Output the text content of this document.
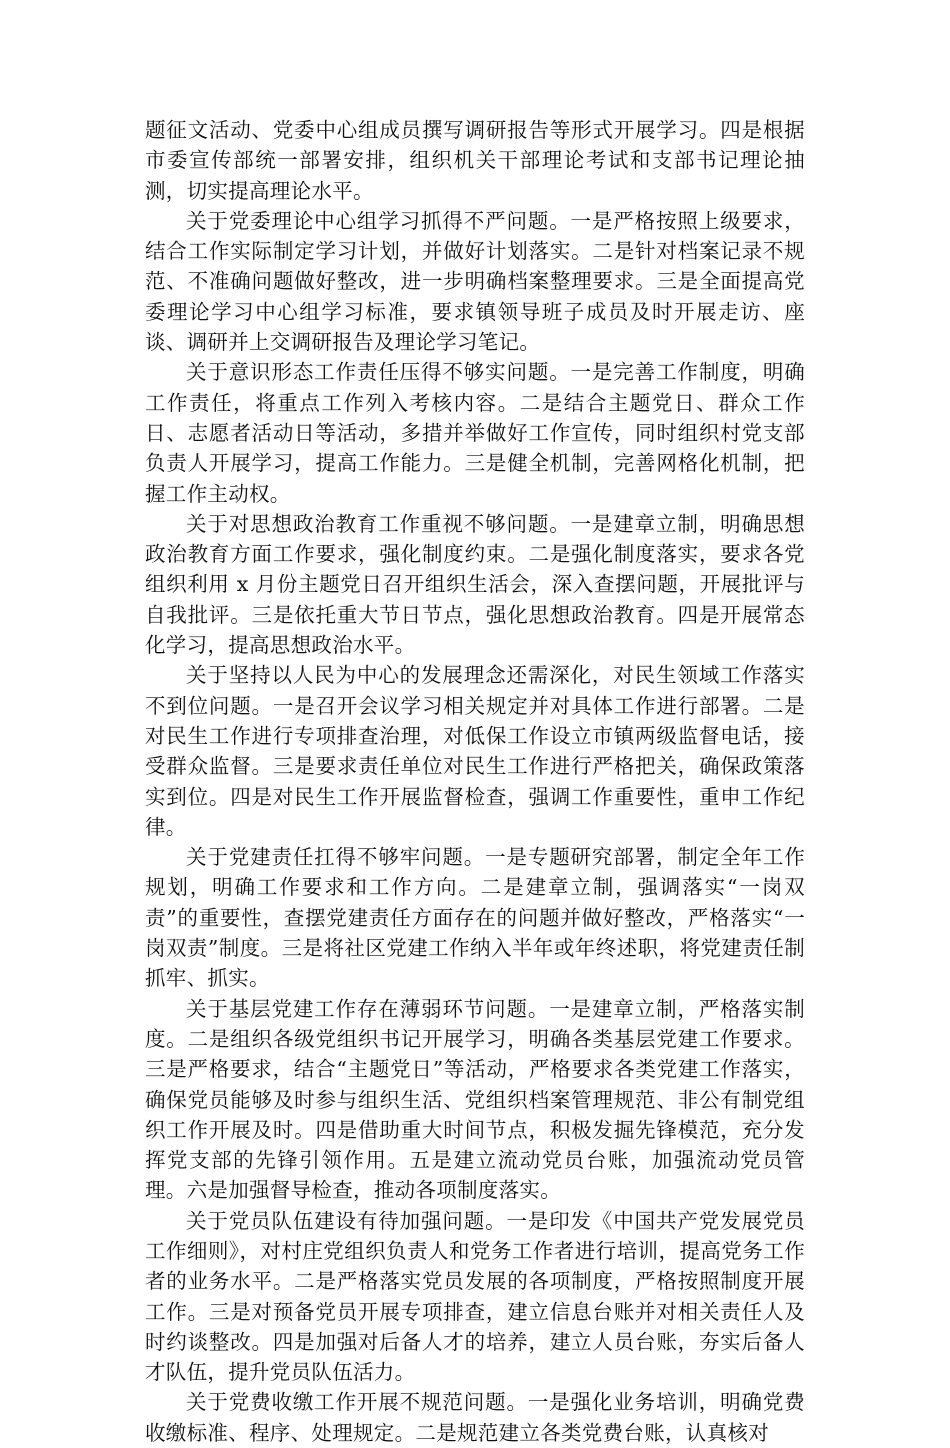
题征文活动、党委中心组成员撰写调研报告等形式开展学习。四是根据市委宣传部统一部署安排，组织机关干部理论考试和支部书记理论抽测，切实提高理论水平。

关于党委理论中心组学习抓得不严问题。一是严格按照上级要求，结合工作实际制定学习计划，并做好计划落实。二是针对档案记录不规范、不准确问题做好整改，进一步明确档案整理要求。三是全面提高党委理论学习中心组学习标准，要求镇领导班子成员及时开展走访、座谈、调研并上交调研报告及理论学习笔记。

关于意识形态工作责任压得不够实问题。一是完善工作制度，明确工作责任，将重点工作列入考核内容。二是结合主题党日、群众工作日、志愿者活动日等活动，多措并举做好工作宣传，同时组织村党支部负责人开展学习，提高工作能力。三是健全机制，完善网格化机制，把握工作主动权。

关于对思想政治教育工作重视不够问题。一是建章立制，明确思想政治教育方面工作要求，强化制度约束。二是强化制度落实，要求各党组织利用 x 月份主题党日召开组织生活会，深入查摆问题，开展批评与自我批评。三是依托重大节日节点，强化思想政治教育。四是开展常态化学习，提高思想政治水平。

关于坚持以人民为中心的发展理念还需深化，对民生领域工作落实不到位问题。一是召开会议学习相关规定并对具体工作进行部署。二是对民生工作进行专项排查治理，对低保工作设立市镇两级监督电话，接受群众监督。三是要求责任单位对民生工作进行严格把关，确保政策落实到位。四是对民生工作开展监督检查，强调工作重要性，重申工作纪律。

关于党建责任扛得不够牢问题。一是专题研究部署，制定全年工作规划，明确工作要求和工作方向。二是建章立制，强调落实“一岗双责”的重要性，查摆党建责任方面存在的问题并做好整改，严格落实“一岗双责”制度。三是将社区党建工作纳入半年或年终述职，将党建责任制抓牢、抓实。

关于基层党建工作存在薄弱环节问题。一是建章立制，严格落实制度。二是组织各级党组织书记开展学习，明确各类基层党建工作要求。三是严格要求，结合“主题党日”等活动，严格要求各类党建工作落实，确保党员能够及时参与组织生活、党组织档案管理规范、非公有制党组织工作开展及时。四是借助重大时间节点，积极发掘先锋模范，充分发挥党支部的先锋引领作用。五是建立流动党员台账，加强流动党员管理。六是加强督导检查，推动各项制度落实。

关于党员队伍建设有待加强问题。一是印发《中国共产党发展党员工作细则》，对村庄党组织负责人和党务工作者进行培训，提高党务工作者的业务水平。二是严格落实党员发展的各项制度，严格按照制度开展工作。三是对预备党员开展专项排查，建立信息台账并对相关责任人及时约谈整改。四是加强对后备人才的培养，建立人员台账，夯实后备人才队伍，提升党员队伍活力。

关于党费收缴工作开展不规范问题。一是强化业务培训，明确党费收缴标准、程序、处理规定。二是规范建立各类党费台账，认真核对
